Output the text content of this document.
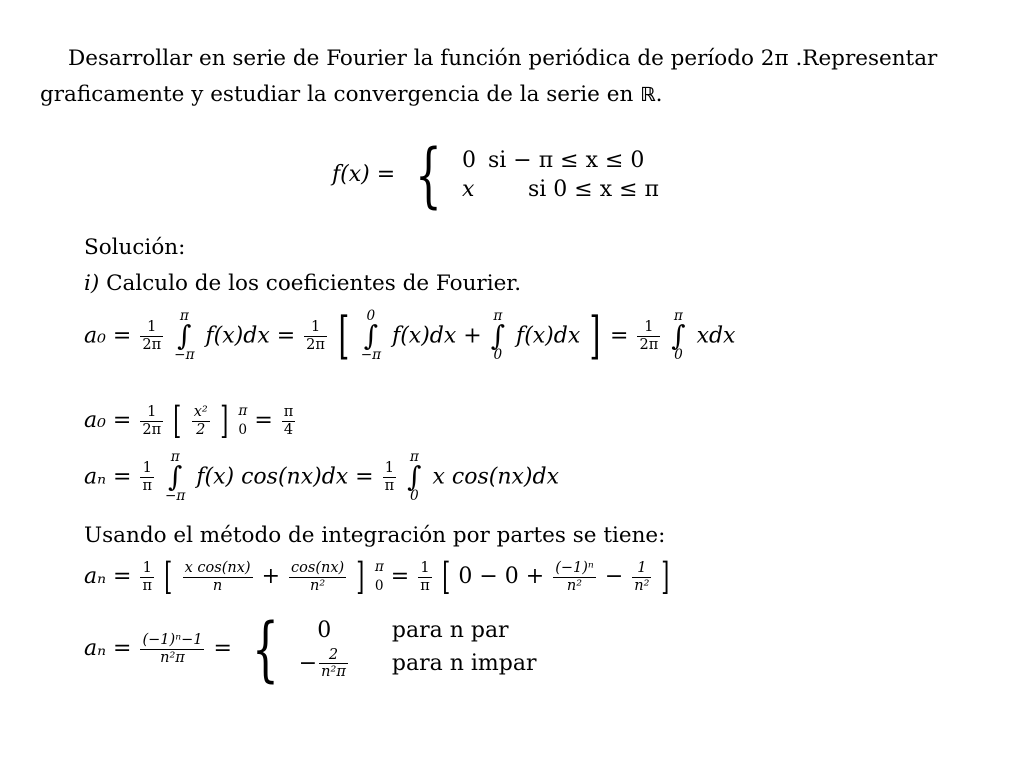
Desarrollar en serie de Fourier la función periódica de período 2π .Representar
graficamente y estudiar la convergencia de la serie en ℝ.
f(x) = { 0	si − π ≤ x ≤ 0
x	si 0 ≤ x ≤ π
Solución:
i) Calculo de los coeficientes de Fourier.
$a_0 = \frac{1}{2\pi}$

π
∫
−π
$f(x)dx = \frac{1}{2\pi}$ [	0
∫
−π
f(x)dx +
π
∫
0
f(x)dx ] = $\frac{1}{2\pi}$

π
∫
0
xdx
$a_0 = \frac{1}{2\pi}$ [ $\frac{\text{x²}}{2}$ ] π
$0 = \frac{\pi}{4}$
$a_n = \frac{1}{\pi}$

π
∫
−π
f(x) $\cos(nx)dx = \frac{1}{\pi}$

π
∫
0
x cos(nx)dx
Usando el método de integración por partes se tiene:
$a_n = \frac{1}{\pi}$ [ $\frac{\text{x cos(nx)}}{n} + \frac{\cos(nx)}{\text{n²}}$ ] π
$0 = \frac{1}{\pi}$ [ $0 - 0 + \frac{\text{(−1)ⁿ}}{\text{n²}} - \frac{1}{\text{n²}}$ ]
$a_n = \frac{\text{(−1)ⁿ−1}}{\text{n²π}}$ = { 0	para n par
− $\frac{2}{\text{n²π}}$	para n impar
